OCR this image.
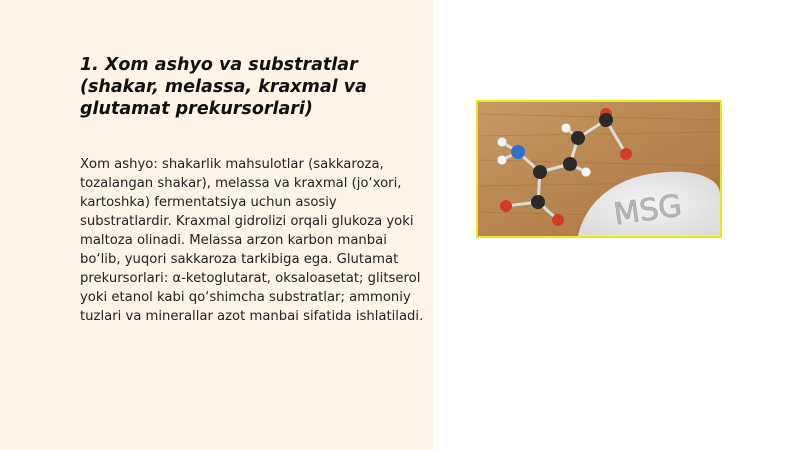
1. Xom ashyo va substratlar (shakar, melassa, kraxmal va glutamat prekursorlari)

Xom ashyo: shakarlik mahsulotlar (sakkaroza, tozalangan shakar), melassa va kraxmal (jo‘xori, kartoshka) fermentatsiya uchun asosiy substratlardir. Kraxmal gidrolizi orqali glukoza yoki maltoza olinadi. Melassa arzon karbon manbai bo‘lib, yuqori sakkaroza tarkibiga ega. Glutamat prekursorlari: α-ketoglutarat, oksaloasetat; glitserol yoki etanol kabi qo‘shimcha substratlar; ammoniy tuzlari va minerallar azot manbai sifatida ishlatiladi.

MSG
